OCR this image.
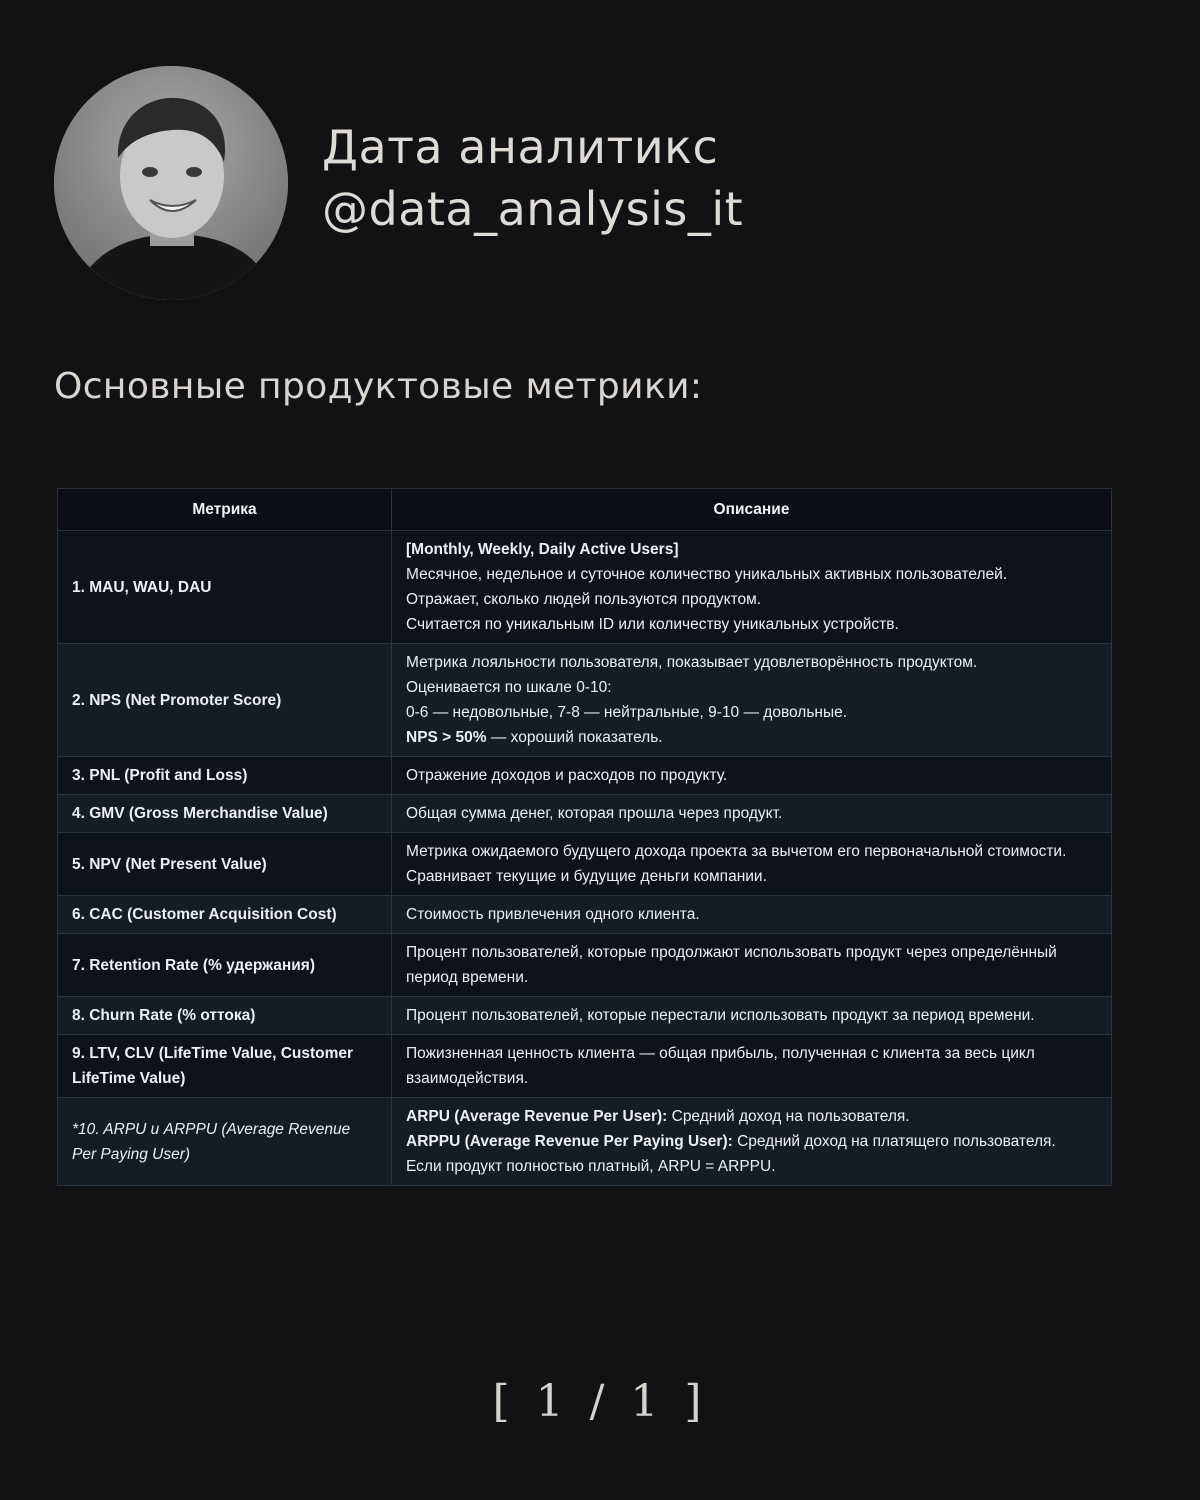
Дата аналитикс
@data_analysis_it
Основные продуктовые метрики:
Метрика	Описание
1. MAU, WAU, DAU	[Monthly, Weekly, Daily Active Users]
Месячное, недельное и суточное количество уникальных активных пользователей.
Отражает, сколько людей пользуются продуктом.
Считается по уникальным ID или количеству уникальных устройств.

2. NPS (Net Promoter Score)	Метрика лояльности пользователя, показывает удовлетворённость продуктом.
Оценивается по шкале 0-10:
0-6 — недовольные, 7-8 — нейтральные, 9-10 — довольные.
NPS > 50% — хороший показатель.

3. PNL (Profit and Loss)	Отражение доходов и расходов по продукту.
4. GMV (Gross Merchandise Value)	Общая сумма денег, которая прошла через продукт.
5. NPV (Net Present Value)	Метрика ожидаемого будущего дохода проекта за вычетом его первоначальной стоимости.
Сравнивает текущие и будущие деньги компании.

6. CAC (Customer Acquisition Cost)	Стоимость привлечения одного клиента.
7. Retention Rate (% удержания)	Процент пользователей, которые продолжают использовать продукт через определённый период времени.
8. Churn Rate (% оттока)	Процент пользователей, которые перестали использовать продукт за период времени.
9. LTV, CLV (LifeTime Value, Customer LifeTime Value)	Пожизненная ценность клиента — общая прибыль, полученная с клиента за весь цикл взаимодействия.
*10. ARPU и ARPPU (Average Revenue Per Paying User)	ARPU (Average Revenue Per User): Средний доход на пользователя.
ARPPU (Average Revenue Per Paying User): Средний доход на платящего пользователя.
Если продукт полностью платный, ARPU = ARPPU.
[ 1 / 1 ]
